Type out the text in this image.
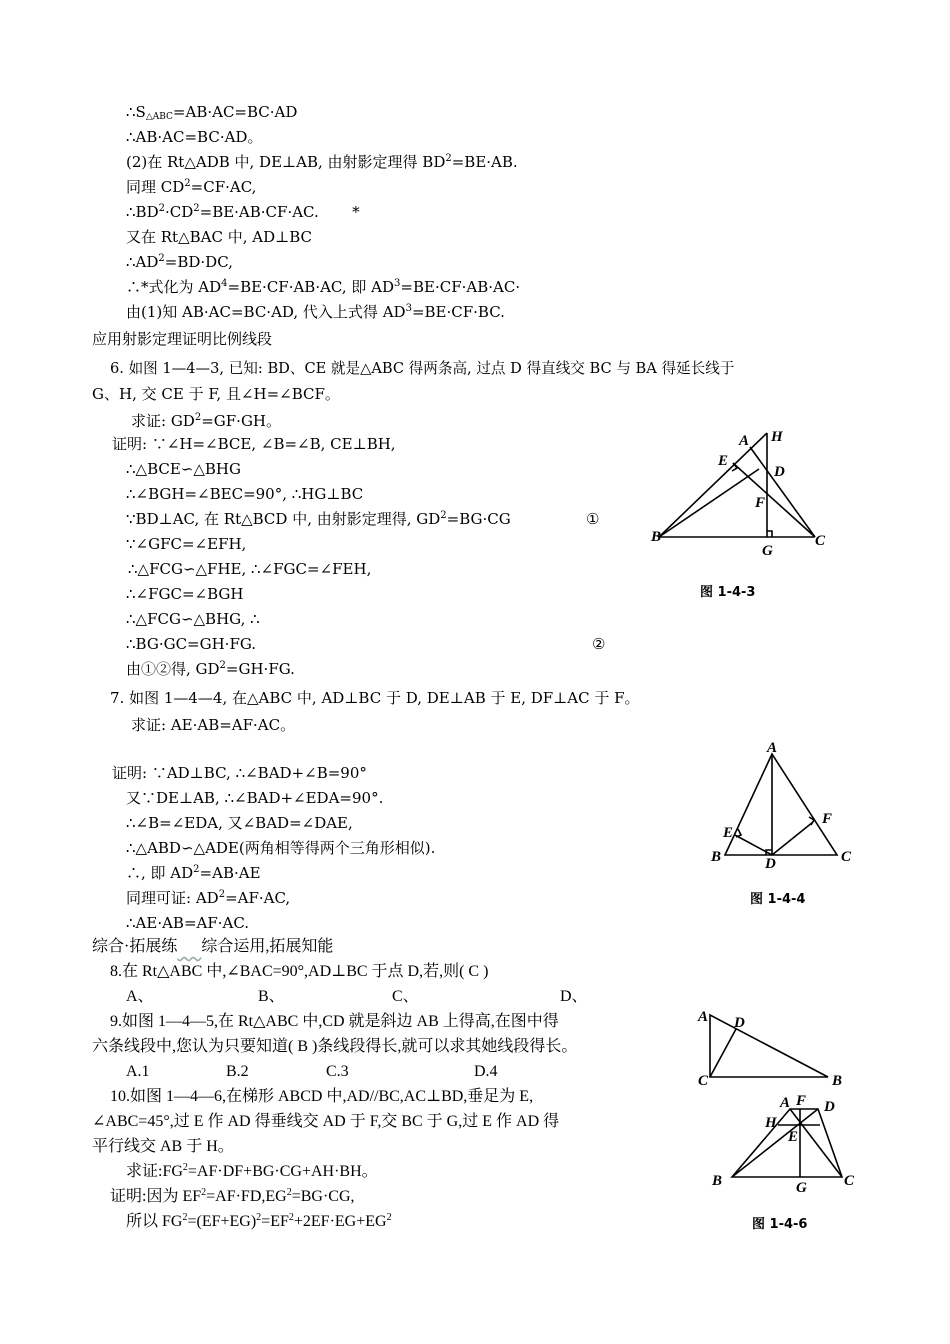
$\therefore S_{\triangle ABC}=AB\cdot AC=BC\cdot AD$
∴AB·AC=BC·AD。
(2)在 Rt△ADB 中, DE⊥AB, 由射影定理得 $BD^2=BE\cdot AB$.
同理 $CD^2=CF\cdot AC$,
$\therefore BD^2\cdot CD^2=BE\cdot AB\cdot CF\cdot AC$.       *
又在 Rt△BAC 中, AD⊥BC
$\therefore AD^2=BD\cdot DC$,
∴*式化为 $AD^4=BE\cdot CF\cdot AB\cdot AC$, 即 $AD^3=BE\cdot CF\cdot AB\cdot AC\cdot$
由(1)知 AB·AC=BC·AD, 代入上式得 $AD^3=BE\cdot CF\cdot BC$.
应用射影定理证明比例线段
6. 如图 1—4—3, 已知: BD、CE 就是△ABC 得两条高, 过点 D 得直线交 BC 与 BA 得延长线于
G、H, 交 CE 于 F, 且∠H=∠BCF。
求证: $GD^2=GF\cdot GH$。
证明: ∵∠H=∠BCE, ∠B=∠B, CE⊥BH,
∴△BCE∽△BHG
∴∠BGH=∠BEC=90°, ∴HG⊥BC
∵BD⊥AC, 在 Rt△BCD 中, 由射影定理得, $GD^2=BG\cdot CG$	①
∵∠GFC=∠EFH,
∴△FCG∽△FHE, ∴∠FGC=∠FEH,
∴∠FGC=∠BGH
∴△FCG∽△BHG, ∴
∴BG·GC=GH·FG.	②
由①②得, $GD^2=GH\cdot FG$.
A H
E
D
F
B
G
C
图 1-4-3
7. 如图 1—4—4, 在△ABC 中, AD⊥BC 于 D, DE⊥AB 于 E, DF⊥AC 于 F。
求证: AE·AB=AF·AC。
证明: ∵AD⊥BC, ∴∠BAD+∠B=90°
又∵DE⊥AB, ∴∠BAD+∠EDA=90°.
∴∠B=∠EDA, 又∠BAD=∠DAE,
∴△ABD∽△ADE(两角相等得两个三角形相似).
∴, 即 $AD^2=AB\cdot AE$
同理可证: $AD^2=AF\cdot AC$,
∴AE·AB=AF·AC.
A
E
F
B	D	C
图 1-4-4
综合·拓展练 综合运用,拓展知能
8.在 Rt△ABC 中,∠BAC=90°,AD⊥BC 于点 D,若,则( C )
A、	B、	C、	D、
9.如图 1—4—5,在 Rt△ABC 中,CD 就是斜边 AB 上得高,在图中得
六条线段中,您认为只要知道( B )条线段得长,就可以求其她线段得长。
A.1	B.2	C.3	D.4
A D
C	B
10.如图 1—4—6,在梯形 ABCD 中,AD//BC,AC⊥BD,垂足为 E,
∠ABC=45°,过 E 作 AD 得垂线交 AD 于 F,交 BC 于 G,过 E 作 AD 得
平行线交 AB 于 H。
求证$:FG^2=AF\cdot DF+BG\cdot CG+AH\cdot BH$。
证明:因为 $EF^2=AF\cdot FD,EG^2=BG\cdot CG$,
所以 $FG^2=(EF+EG)^2=EF^2+2EF\cdot EG+EG^2$
A F D
H
E
B	G C
图 1-4-6
